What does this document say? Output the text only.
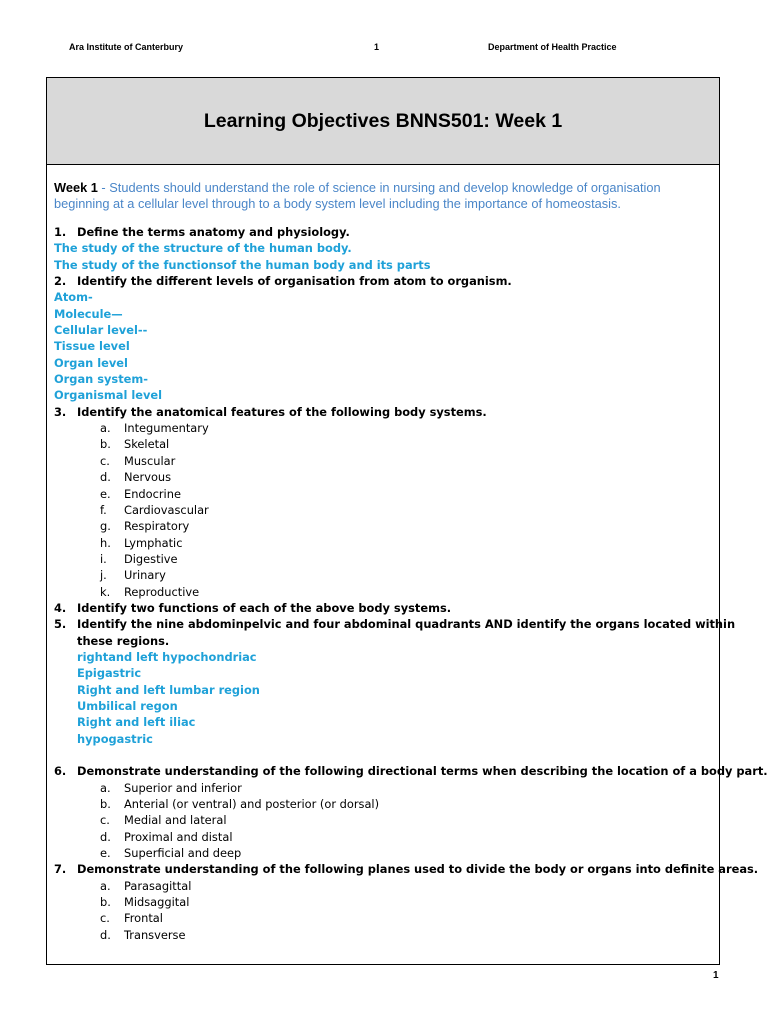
Ara Institute of Canterbury	1	Department of Health Practice
Learning Objectives BNNS501: Week 1
Week 1 - Students should understand the role of science in nursing and develop knowledge of organisation beginning at a cellular level through to a body system level including the importance of homeostasis.
1. Define the terms anatomy and physiology.
The study of the structure of the human body.
The study of the functionsof the human body and its parts
2. Identify the different levels of organisation from atom to organism.
Atom-
Molecule—
Cellular level--
Tissue level
Organ level
Organ system-
Organismal level
3. Identify the anatomical features of the following body systems.
a. Integumentary
b. Skeletal
c. Muscular
d. Nervous
e. Endocrine
f. Cardiovascular
g. Respiratory
h. Lymphatic
i. Digestive
j. Urinary
k. Reproductive
4. Identify two functions of each of the above body systems.
5. Identify the nine abdominpelvic and four abdominal quadrants AND identify the organs located within
these regions.
rightand left hypochondriac
Epigastric
Right and left lumbar region
Umbilical regon
Right and left iliac
hypogastric
6. Demonstrate understanding of the following directional terms when describing the location of a body part.
a. Superior and inferior
b. Anterial (or ventral) and posterior (or dorsal)
c. Medial and lateral
d. Proximal and distal
e. Superficial and deep
7. Demonstrate understanding of the following planes used to divide the body or organs into definite areas.
a. Parasagittal
b. Midsaggital
c. Frontal
d. Transverse
1
